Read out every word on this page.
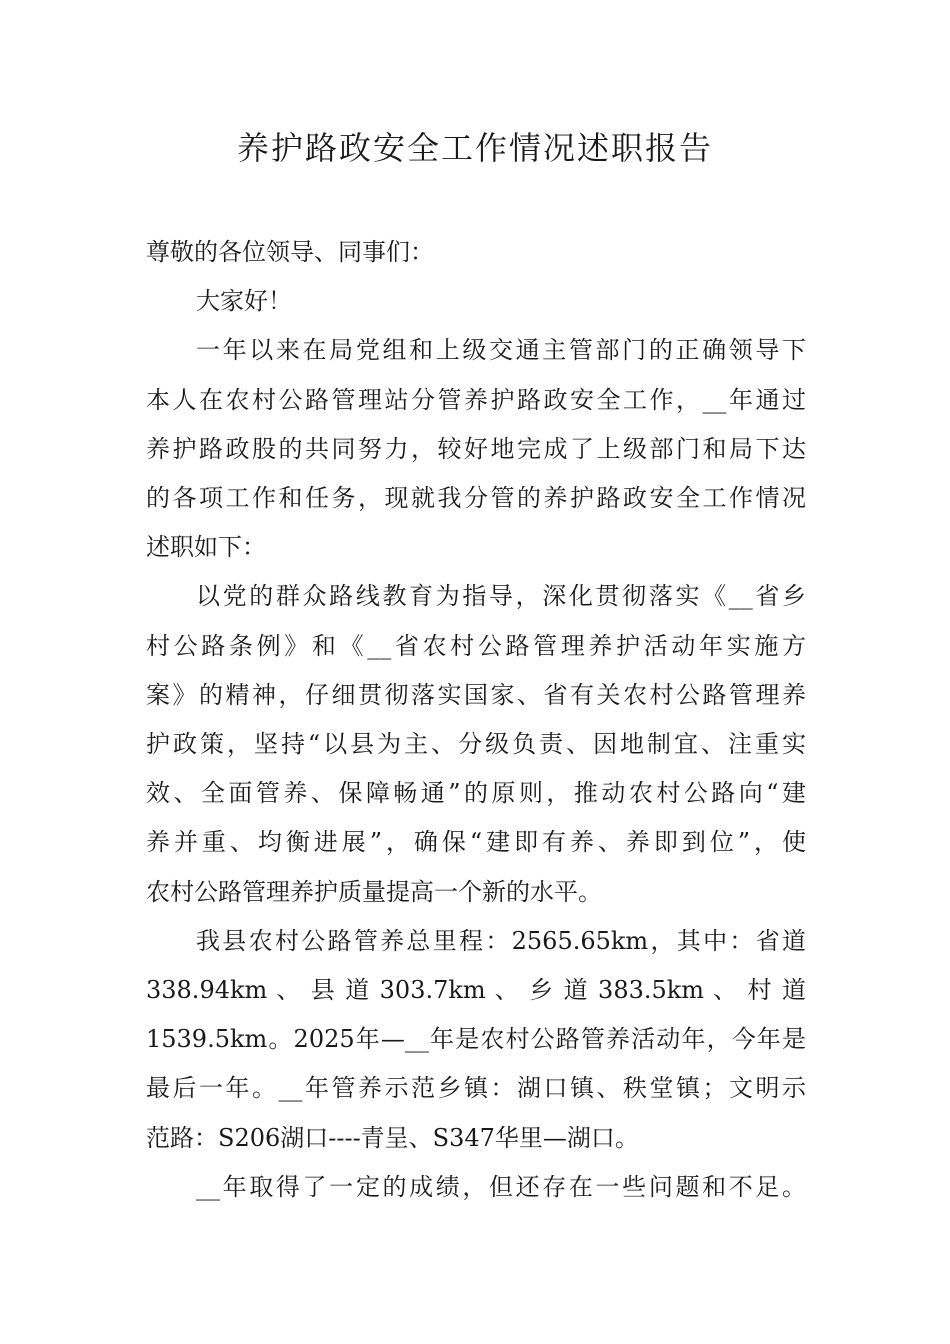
养护路政安全工作情况述职报告

尊敬的各位领导、同事们：

大家好！

一年以来在局党组和上级交通主管部门的正确领导下

本人在农村公路管理站分管养护路政安全工作，__年通过

养护路政股的共同努力，较好地完成了上级部门和局下达

的各项工作和任务，现就我分管的养护路政安全工作情况

述职如下：

以党的群众路线教育为指导，深化贯彻落实《__省乡

村公路条例》和《__省农村公路管理养护活动年实施方

案》的精神，仔细贯彻落实国家、省有关农村公路管理养

护政策，坚持“以县为主、分级负责、因地制宜、注重实

效、全面管养、保障畅通”的原则，推动农村公路向“建

养并重、均衡进展”，确保“建即有养、养即到位”，使

农村公路管理养护质量提高一个新的水平。

我县农村公路管养总里程：2565.65km，其中：省道

338.94km 、 县 道 303.7km 、 乡 道 383.5km 、 村 道

1539.5km。2025年—__年是农村公路管养活动年，今年是

最后一年。__年管养示范乡镇：湖口镇、秩堂镇；文明示

范路：S206湖口----青呈、S347华里—湖口。

__年取得了一定的成绩，但还存在一些问题和不足。
